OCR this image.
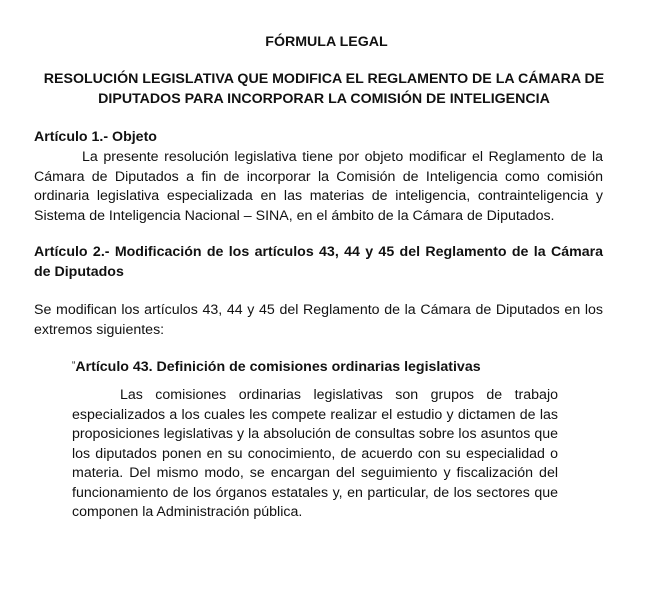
FÓRMULA LEGAL

RESOLUCIÓN LEGISLATIVA QUE MODIFICA EL REGLAMENTO DE LA CÁMARA DE DIPUTADOS PARA INCORPORAR LA COMISIÓN DE INTELIGENCIA

Artículo 1.- Objeto

La presente resolución legislativa tiene por objeto modificar el Reglamento de la Cámara de Diputados a fin de incorporar la Comisión de Inteligencia como comisión ordinaria legislativa especializada en las materias de inteligencia, contrainteligencia y Sistema de Inteligencia Nacional – SINA, en el ámbito de la Cámara de Diputados.

Artículo 2.- Modificación de los artículos 43, 44 y 45 del Reglamento de la Cámara de Diputados

Se modifican los artículos 43, 44 y 45 del Reglamento de la Cámara de Diputados en los extremos siguientes:

“Artículo 43. Definición de comisiones ordinarias legislativas

Las comisiones ordinarias legislativas son grupos de trabajo especializados a los cuales les compete realizar el estudio y dictamen de las proposiciones legislativas y la absolución de consultas sobre los asuntos que los diputados ponen en su conocimiento, de acuerdo con su especialidad o materia. Del mismo modo, se encargan del seguimiento y fiscalización del funcionamiento de los órganos estatales y, en particular, de los sectores que componen la Administración pública.
